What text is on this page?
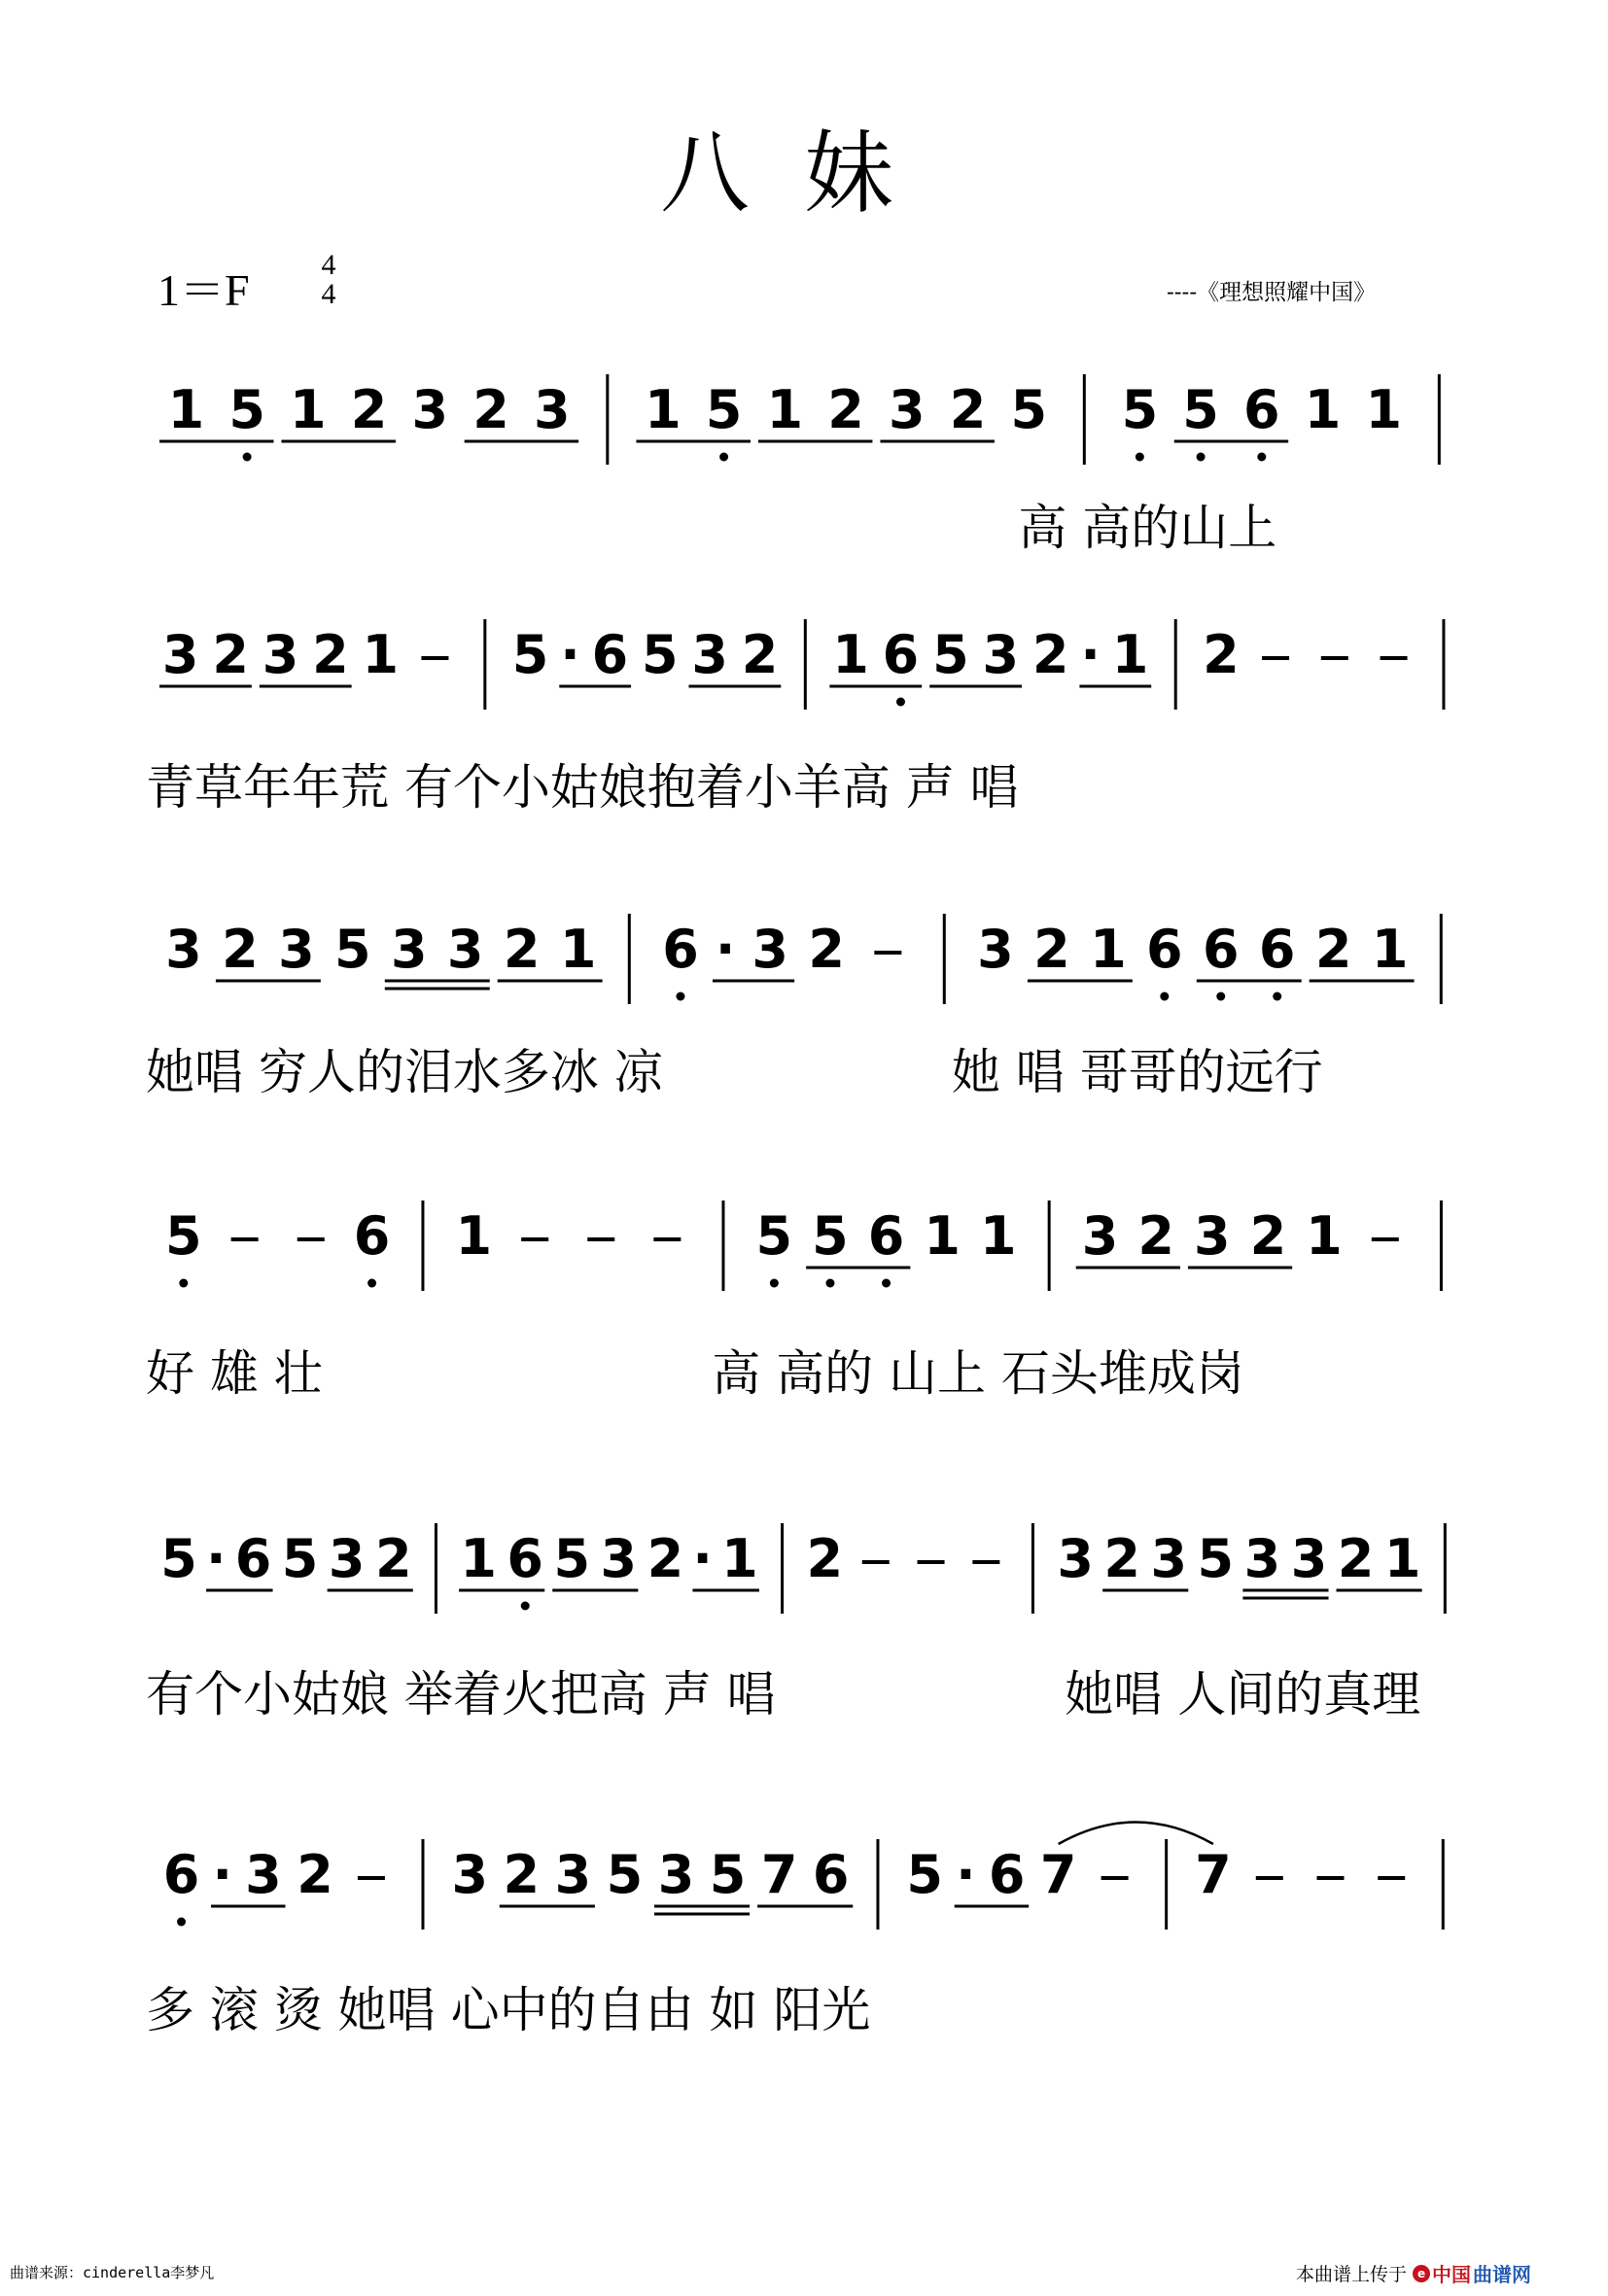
八妹
1＝F
4
4	----《理想照耀中国》
1 5 1 2 3 2 3 1 5 1 2 3 2 5 5 5 6 1 1
高 高的山上
3 2 3 2 1 5 · 6 5 3 2 1 6 5 3 2 · 1 2
青草年年荒 有个小姑娘抱着小羊高 声 唱
3 2 3 5 3 3 2 1 6 · 3 2	3 2 1 6 6 6 2 1
她唱 穷人的泪水多冰 凉	她 唱 哥哥的远行
5	6 1	5 5 6 1 1 3 2 3 2 1
好 雄 壮	高 高的 山上 石头堆成岗
5 · 6 5 3 2 1 6 5 3 2 · 1 2	3 2 3 5 3 3 2 1
有个小姑娘 举着火把高 声 唱	她唱 人间的真理
6 · 3 2 3 2 3 5 3 5 7 6 5 · 6 7 7
多 滚 烫 她唱 心中的自由 如 阳光
曲谱来源：cinderella李梦凡	本曲谱上传于 e 中国 曲谱网
